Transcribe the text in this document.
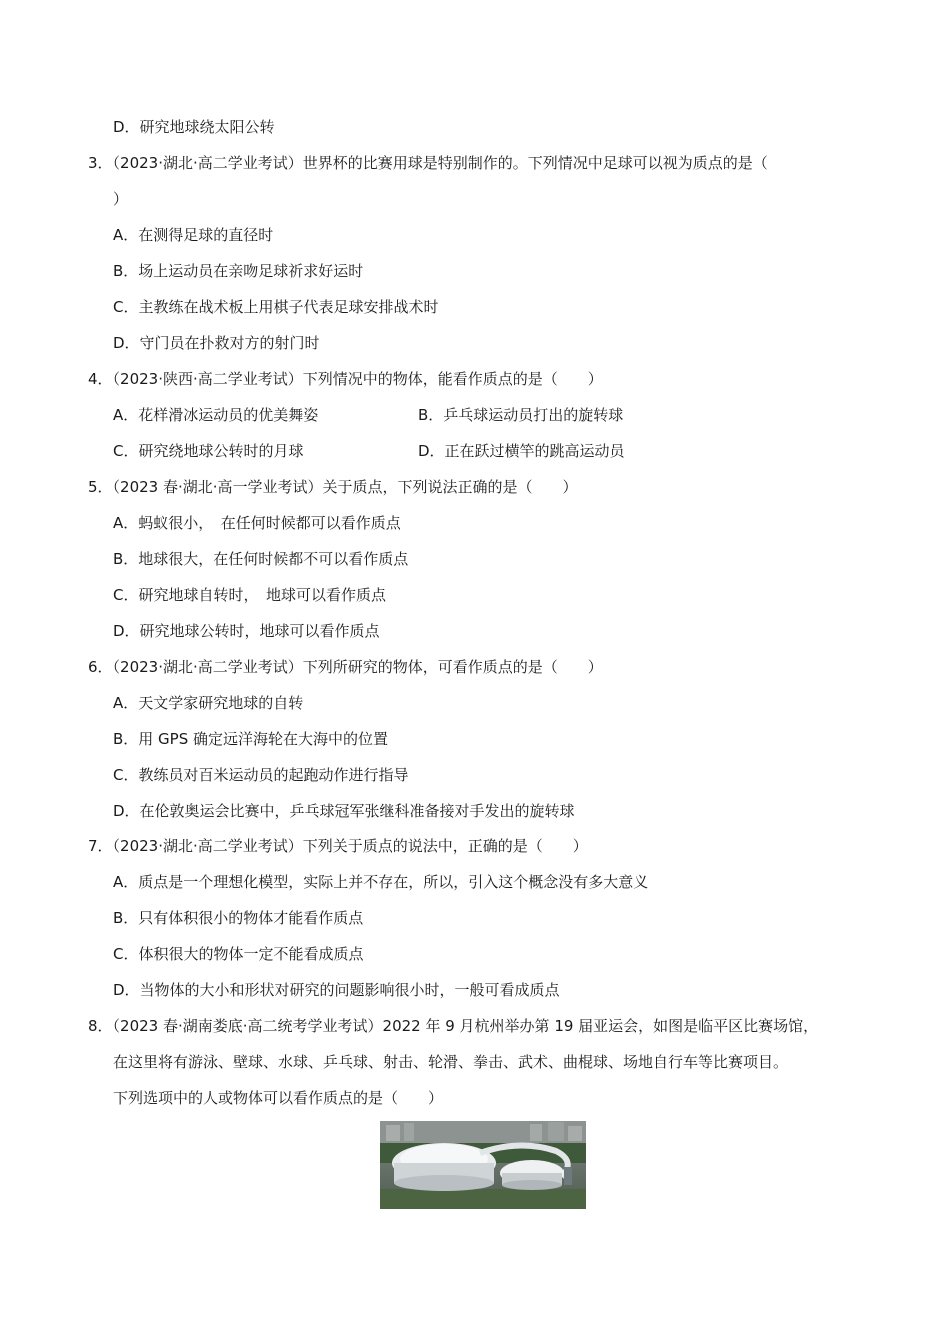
D．研究地球绕太阳公转
3．（2023·湖北·高二学业考试）世界杯的比赛用球是特别制作的。下列情况中足球可以视为质点的是（
）
A．在测得足球的直径时
B．场上运动员在亲吻足球祈求好运时
C．主教练在战术板上用棋子代表足球安排战术时
D．守门员在扑救对方的射门时
4．（2023·陕西·高二学业考试）下列情况中的物体，能看作质点的是（　　）
A．花样滑冰运动员的优美舞姿	B．乒乓球运动员打出的旋转球
C．研究绕地球公转时的月球	D．正在跃过横竿的跳高运动员
5．（2023 春·湖北·高一学业考试）关于质点，下列说法正确的是（　　）
A．蚂蚁很小，　在任何时候都可以看作质点
B．地球很大，在任何时候都不可以看作质点
C．研究地球自转时，　地球可以看作质点
D．研究地球公转时，地球可以看作质点
6．（2023·湖北·高二学业考试）下列所研究的物体，可看作质点的是（　　）
A．天文学家研究地球的自转
B．用 GPS 确定远洋海轮在大海中的位置
C．教练员对百米运动员的起跑动作进行指导
D．在伦敦奥运会比赛中，乒乓球冠军张继科准备接对手发出的旋转球
7．（2023·湖北·高二学业考试）下列关于质点的说法中，正确的是（　　）
A．质点是一个理想化模型，实际上并不存在，所以，引入这个概念没有多大意义
B．只有体积很小的物体才能看作质点
C．体积很大的物体一定不能看成质点
D．当物体的大小和形状对研究的问题影响很小时，一般可看成质点
8．（2023 春·湖南娄底·高二统考学业考试）2022 年 9 月杭州举办第 19 届亚运会，如图是临平区比赛场馆，
在这里将有游泳、壁球、水球、乒乓球、射击、轮滑、拳击、武术、曲棍球、场地自行车等比赛项目。
下列选项中的人或物体可以看作质点的是（　　）
